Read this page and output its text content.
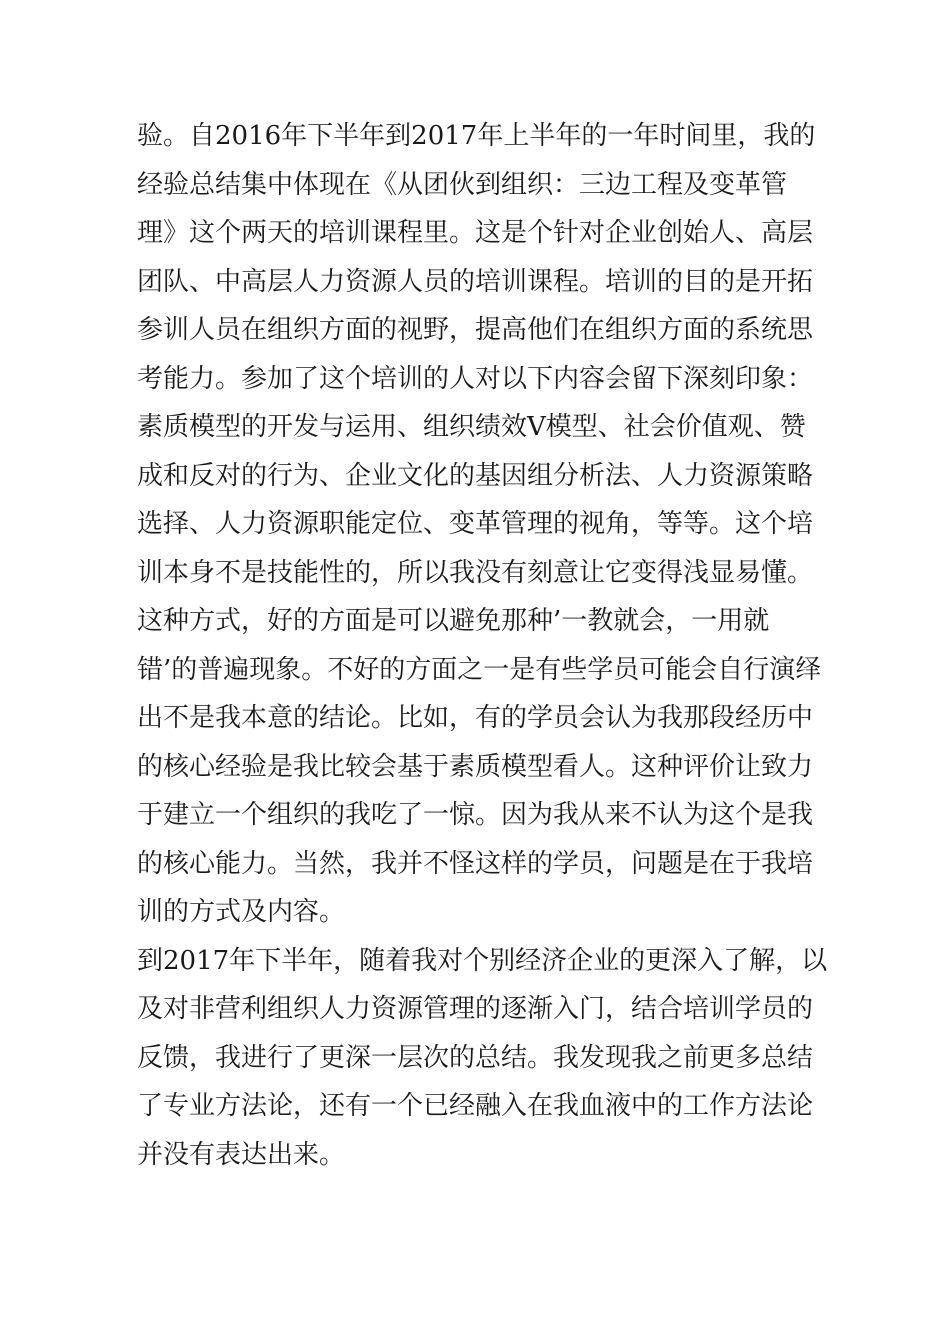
验。自2016年下半年到2017年上半年的一年时间里，我的
经验总结集中体现在《从团伙到组织：三边工程及变革管
理》这个两天的培训课程里。这是个针对企业创始人、高层
团队、中高层人力资源人员的培训课程。培训的目的是开拓
参训人员在组织方面的视野，提高他们在组织方面的系统思
考能力。参加了这个培训的人对以下内容会留下深刻印象：
素质模型的开发与运用、组织绩效V模型、社会价值观、赞
成和反对的行为、企业文化的基因组分析法、人力资源策略
选择、人力资源职能定位、变革管理的视角，等等。这个培
训本身不是技能性的，所以我没有刻意让它变得浅显易懂。
这种方式，好的方面是可以避免那种’一教就会，一用就
错’的普遍现象。不好的方面之一是有些学员可能会自行演绎
出不是我本意的结论。比如，有的学员会认为我那段经历中
的核心经验是我比较会基于素质模型看人。这种评价让致力
于建立一个组织的我吃了一惊。因为我从来不认为这个是我
的核心能力。当然，我并不怪这样的学员，问题是在于我培
训的方式及内容。
到2017年下半年，随着我对个别经济企业的更深入了解，以
及对非营利组织人力资源管理的逐渐入门，结合培训学员的
反馈，我进行了更深一层次的总结。我发现我之前更多总结
了专业方法论，还有一个已经融入在我血液中的工作方法论
并没有表达出来。
